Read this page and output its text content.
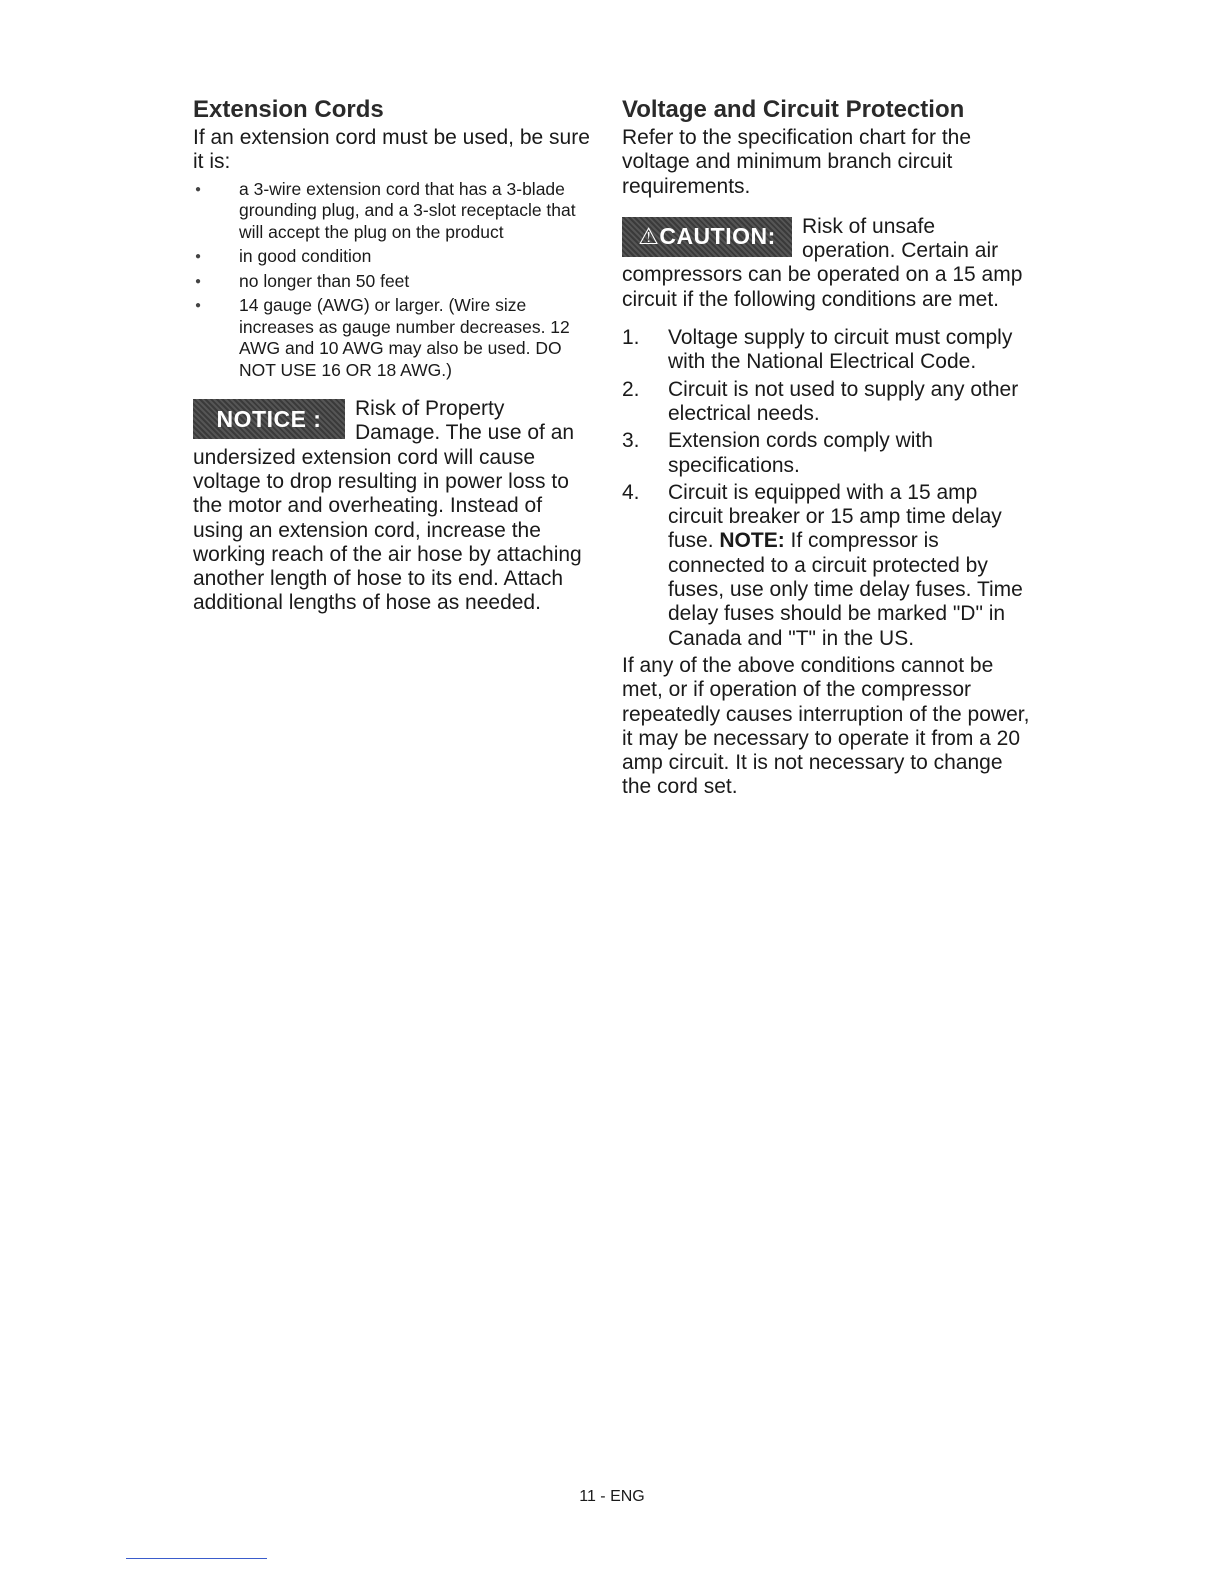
Extension Cords

If an extension cord must be used, be sure it is:

● a 3-wire extension cord that has a 3-blade grounding plug, and a 3-slot receptacle that will accept the plug on the product
● in good condition
● no longer than 50 feet
● 14 gauge (AWG) or larger. (Wire size increases as gauge number decreases. 12 AWG and 10 AWG may also be used. DO NOT USE 16 OR 18 AWG.)
NOTICE :	Risk of Property Damage. The use of an undersized extension cord will cause voltage to drop resulting in power loss to the motor and overheating. Instead of using an extension cord, increase the working reach of the air hose by attaching another length of hose to its end. Attach additional lengths of hose as needed.

Voltage and Circuit Protection

Refer to the specification chart for the voltage and minimum branch circuit requirements.

⚠CAUTION:	Risk of unsafe operation. Certain air compressors can be operated on a 15 amp circuit if the following conditions are met.

1. Voltage supply to circuit must comply with the National Electrical Code.
2. Circuit is not used to supply any other electrical needs.
3. Extension cords comply with specifications.
4. Circuit is equipped with a 15 amp circuit breaker or 15 amp time delay fuse. NOTE: If compressor is connected to a circuit protected by fuses, use only time delay fuses. Time delay fuses should be marked "D" in Canada and "T" in the US.

If any of the above conditions cannot be met, or if operation of the compressor repeatedly causes interruption of the power, it may be necessary to operate it from a 20 amp circuit. It is not necessary to change the cord set.

11 - ENG
